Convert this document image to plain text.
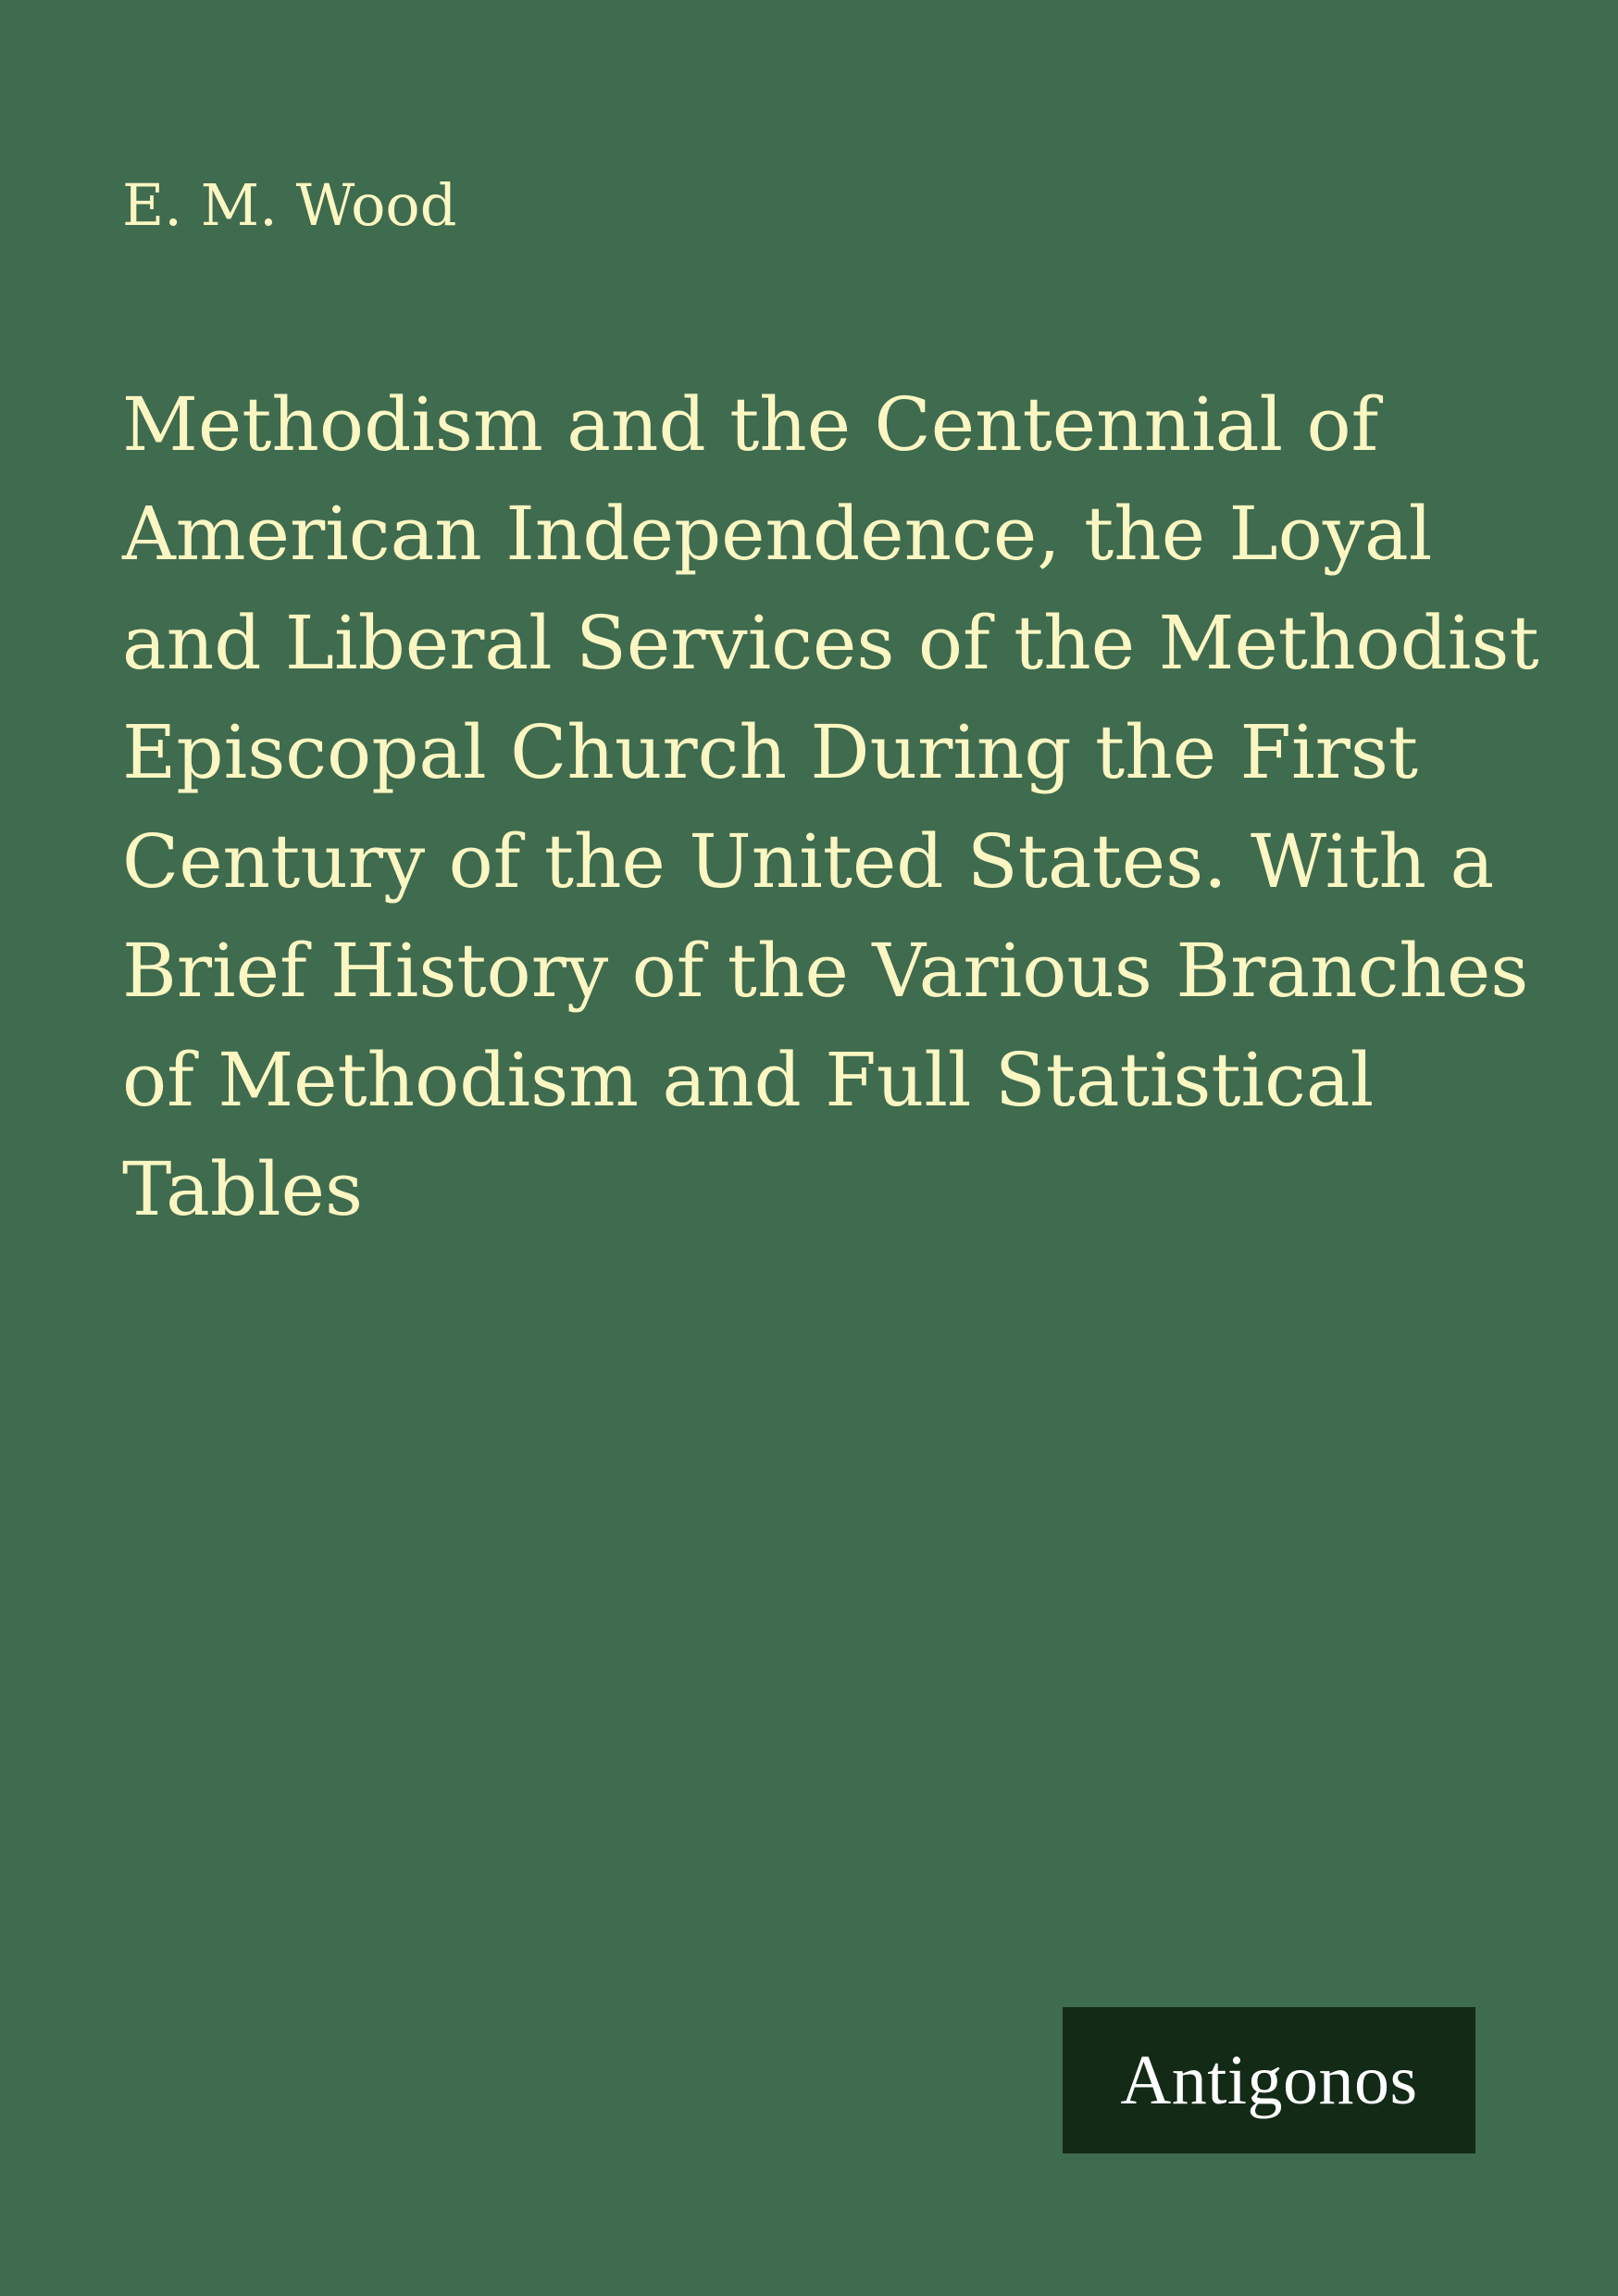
E. M. Wood
Methodism and the Centennial of American Independence, the Loyal and Liberal Services of the Methodist Episcopal Church During the First Century of the United States. With a Brief History of the Various Branches of Methodism and Full Statistical Tables
Antigonos
